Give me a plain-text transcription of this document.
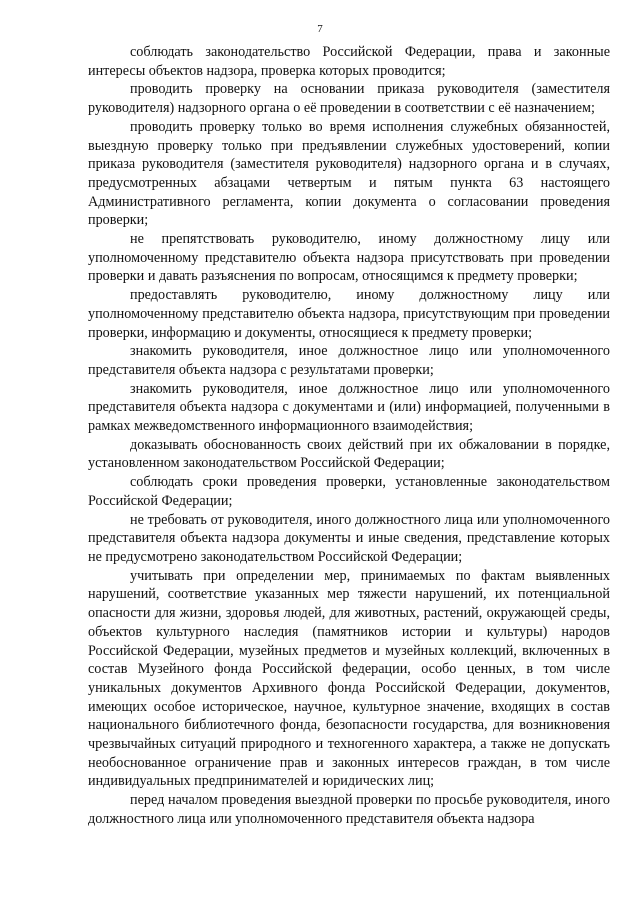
7

соблюдать законодательство Российской Федерации, права и законные интересы объектов надзора, проверка которых проводится;

проводить проверку на основании приказа руководителя (заместителя руководителя) надзорного органа о её проведении в соответствии с её назначением;

проводить проверку только во время исполнения служебных обязанностей, выездную проверку только при предъявлении служебных удостоверений, копии приказа руководителя (заместителя руководителя) надзорного органа и в случаях, предусмотренных абзацами четвертым и пятым пункта 63 настоящего Административного регламента, копии документа о согласовании проведения проверки;

не препятствовать руководителю, иному должностному лицу или уполномоченному представителю объекта надзора присутствовать при проведении проверки и давать разъяснения по вопросам, относящимся к предмету проверки;

предоставлять руководителю, иному должностному лицу или уполномоченному представителю объекта надзора, присутствующим при проведении проверки, информацию и документы, относящиеся к предмету проверки;

знакомить руководителя, иное должностное лицо или уполномоченного представителя объекта надзора с результатами проверки;

знакомить руководителя, иное должностное лицо или уполномоченного представителя объекта надзора с документами и (или) информацией, полученными в рамках межведомственного информационного взаимодействия;

доказывать обоснованность своих действий при их обжаловании в порядке, установленном законодательством Российской Федерации;

соблюдать сроки проведения проверки, установленные законодательством Российской Федерации;

не требовать от руководителя, иного должностного лица или уполномоченного представителя объекта надзора документы и иные сведения, представление которых не предусмотрено законодательством Российской Федерации;

учитывать при определении мер, принимаемых по фактам выявленных нарушений, соответствие указанных мер тяжести нарушений, их потенциальной опасности для жизни, здоровья людей, для животных, растений, окружающей среды, объектов культурного наследия (памятников истории и культуры) народов Российской Федерации, музейных предметов и музейных коллекций, включенных в состав Музейного фонда Российской федерации, особо ценных, в том числе уникальных документов Архивного фонда Российской Федерации, документов, имеющих особое историческое, научное, культурное значение, входящих в состав национального библиотечного фонда, безопасности государства, для возникновения чрезвычайных ситуаций природного и техногенного характера, а также не допускать необоснованное ограничение прав и законных интересов граждан, в том числе индивидуальных предпринимателей и юридических лиц;

перед началом проведения выездной проверки по просьбе руководителя, иного должностного лица или уполномоченного представителя объекта надзора
